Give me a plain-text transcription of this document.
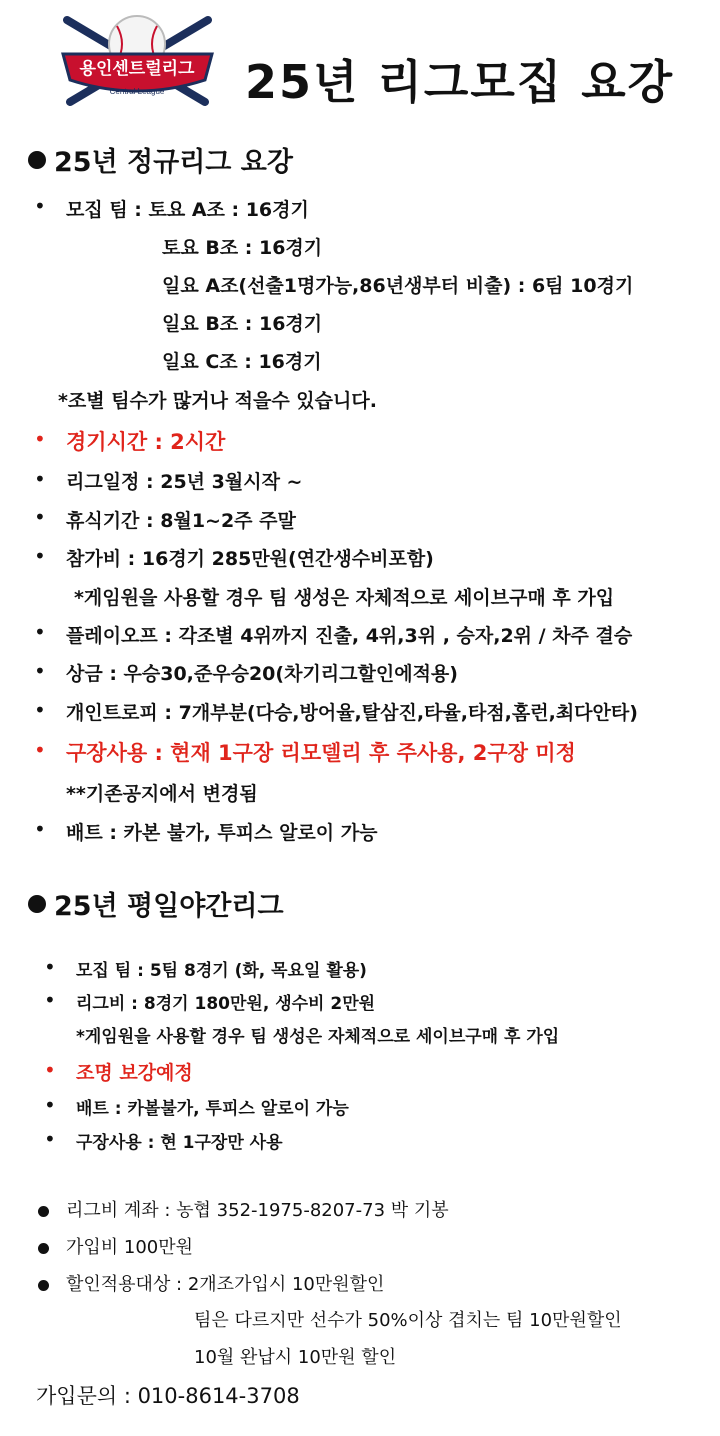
용인센트럴리그
Central League 25년 리그모집 요강
25년 정규리그 요강
• 모집 팀 : 토요 A조 : 16경기
토요 B조 : 16경기
일요 A조(선출1명가능,86년생부터 비출) : 6팀 10경기
일요 B조 : 16경기
일요 C조 : 16경기
*조별 팀수가 많거나 적을수 있습니다.
• 경기시간 : 2시간
• 리그일정 : 25년 3월시작 ~
• 휴식기간 : 8월1~2주 주말
• 참가비 : 16경기 285만원(연간생수비포함)
*게임원을 사용할 경우 팀 생성은 자체적으로 세이브구매 후 가입
• 플레이오프 : 각조별 4위까지 진출, 4위,3위 , 승자,2위 / 차주 결승
• 상금 : 우승30,준우승20(차기리그할인에적용)
• 개인트로피 : 7개부분(다승,방어율,탈삼진,타율,타점,홈런,최다안타)
• 구장사용 : 현재 1구장 리모델리 후 주사용, 2구장 미정
**기존공지에서 변경됨
• 배트 : 카본 불가, 투피스 알로이 가능
25년 평일야간리그
• 모집 팀 : 5팀 8경기 (화, 목요일 활용)
• 리그비 : 8경기 180만원, 생수비 2만원
*게임원을 사용할 경우 팀 생성은 자체적으로 세이브구매 후 가입
• 조명 보강예정
• 배트 : 카볼불가, 투피스 알로이 가능
• 구장사용 : 현 1구장만 사용
리그비 계좌 : 농협 352-1975-8207-73 박 기봉
가입비 100만원
할인적용대상 : 2개조가입시 10만원할인
팀은 다르지만 선수가 50%이상 겹치는 팀 10만원할인
10월 완납시 10만원 할인
가입문의 : 010-8614-3708
